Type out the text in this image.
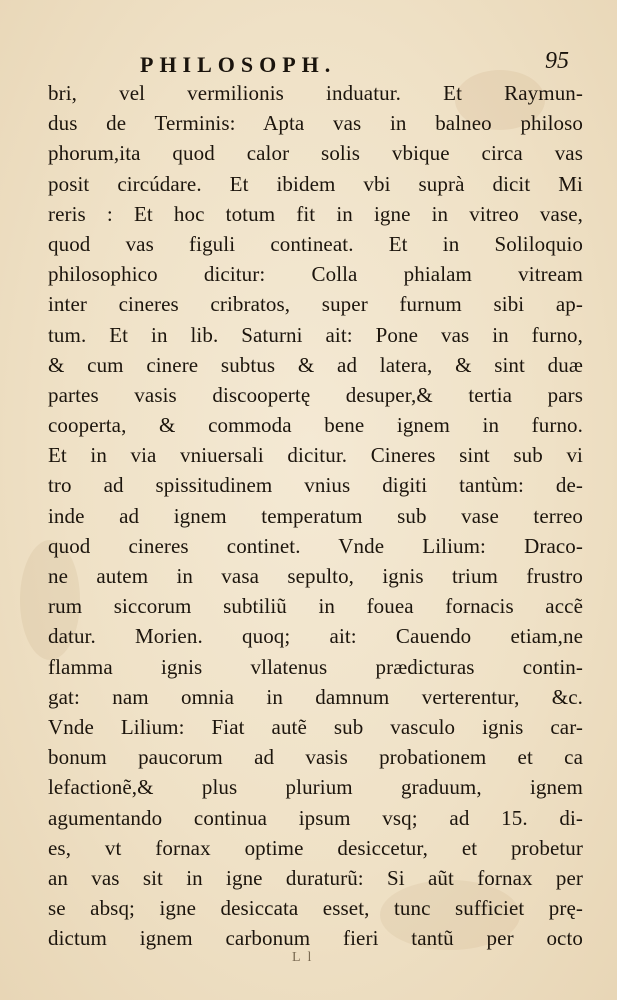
PHILOSOPH.	95
bri, vel vermilionis induatur. Et Raymun-
dus de Terminis: Apta vas in balneo philoso
phorum,ita quod calor solis vbique circa vas
posit circúdare. Et ibidem vbi suprà dicit Mi
reris : Et hoc totum fit in igne in vitreo vase,
quod vas figuli contineat. Et in Soliloquio
philosophico dicitur: Colla phialam vitream
inter cineres cribratos, super furnum sibi ap-
tum. Et in lib. Saturni ait: Pone vas in furno,
& cum cinere subtus & ad latera, & sint duæ
partes vasis discoopertę desuper,& tertia pars
cooperta, & commoda bene ignem in furno.
Et in via vniuersali dicitur. Cineres sint sub vi
tro ad spissitudinem vnius digiti tantùm: de-
inde ad ignem temperatum sub vase terreo
quod cineres continet. Vnde Lilium: Draco-
ne autem in vasa sepulto, ignis trium frustro
rum siccorum subtiliũ in fouea fornacis accẽ
datur. Morien. quoq; ait: Cauendo etiam,ne
flamma ignis vllatenus prædicturas contin-
gat: nam omnia in damnum verterentur, &c.
Vnde Lilium: Fiat autẽ sub vasculo ignis car-
bonum paucorum ad vasis probationem et ca
lefactionẽ,& plus plurium graduum, ignem
agumentando continua ipsum vsq; ad 15. di-
es, vt fornax optime desiccetur, et probetur
an vas sit in igne duraturũ: Si aũt fornax per
se absq; igne desiccata esset, tunc sufficiet prę-
dictum ignem carbonum fieri tantũ per octo
L l
